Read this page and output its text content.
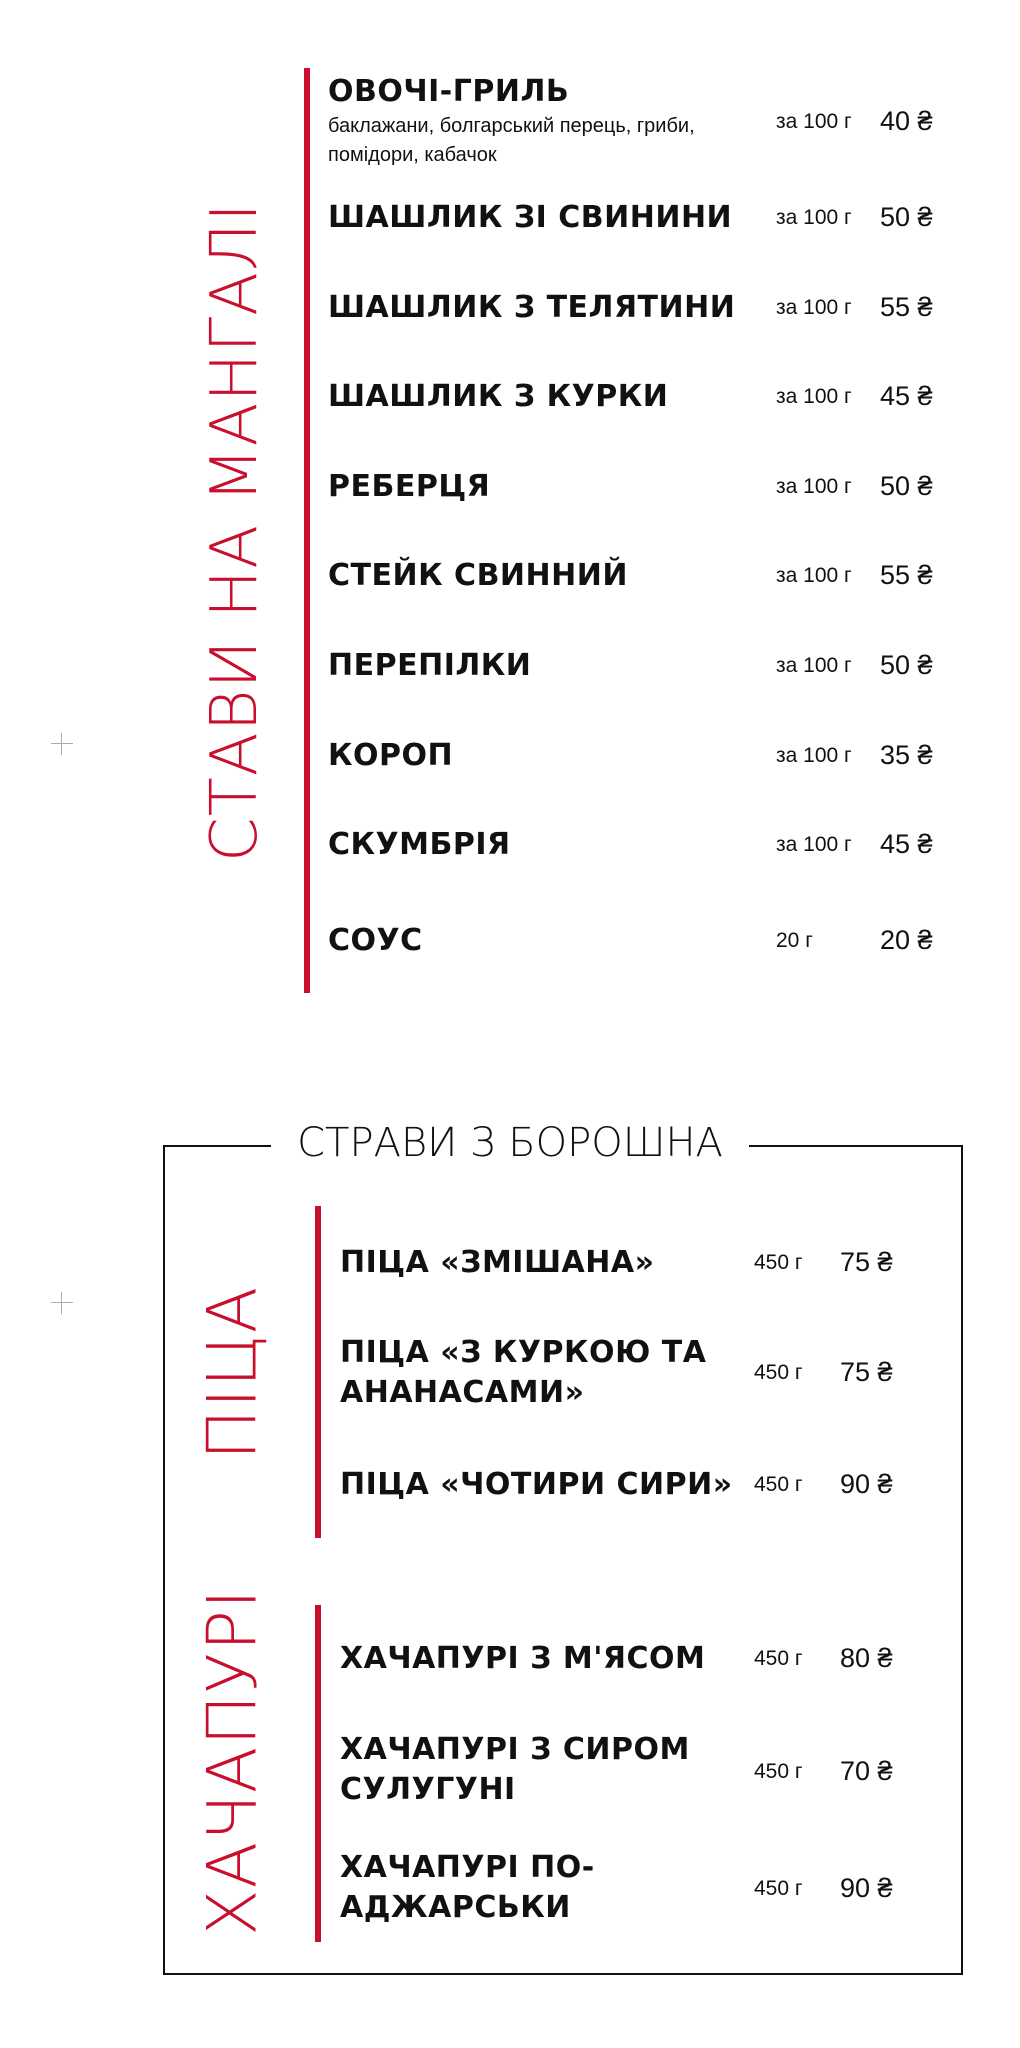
СТАВИ НА МАНГАЛІ
ОВОЧІ-ГРИЛЬ
баклажани, болгарський перець, гриби, помідори, кабачок
за 100 г 40 ₴
ШАШЛИК ЗІ СВИНИНИ за 100 г 50 ₴
ШАШЛИК З ТЕЛЯТИНИ за 100 г 55 ₴
ШАШЛИК З КУРКИ	за 100 г 45 ₴
РЕБЕРЦЯ	за 100 г 50 ₴
СТЕЙК СВИННИЙ	за 100 г 55 ₴
ПЕРЕПІЛКИ	за 100 г 50 ₴
КОРОП	за 100 г 35 ₴
СКУМБРІЯ	за 100 г 45 ₴
СОУС	20 г 20 ₴
СТРАВИ З БОРОШНА
ПІЦА
ПІЦА «ЗМІШАНА»	450 г 75 ₴
ПІЦА «З КУРКОЮ ТА АНАНАСАМИ»
450 г 75 ₴
ПІЦА «ЧОТИРИ СИРИ»	450 г 90 ₴
ХАЧАПУРІ ХАЧАПУРІ З М'ЯСОМ	450 г 80 ₴
ХАЧАПУРІ З СИРОМ СУЛУГУНІ
450 г 70 ₴
ХАЧАПУРІ ПО-АДЖАРСЬКИ
450 г 90 ₴
